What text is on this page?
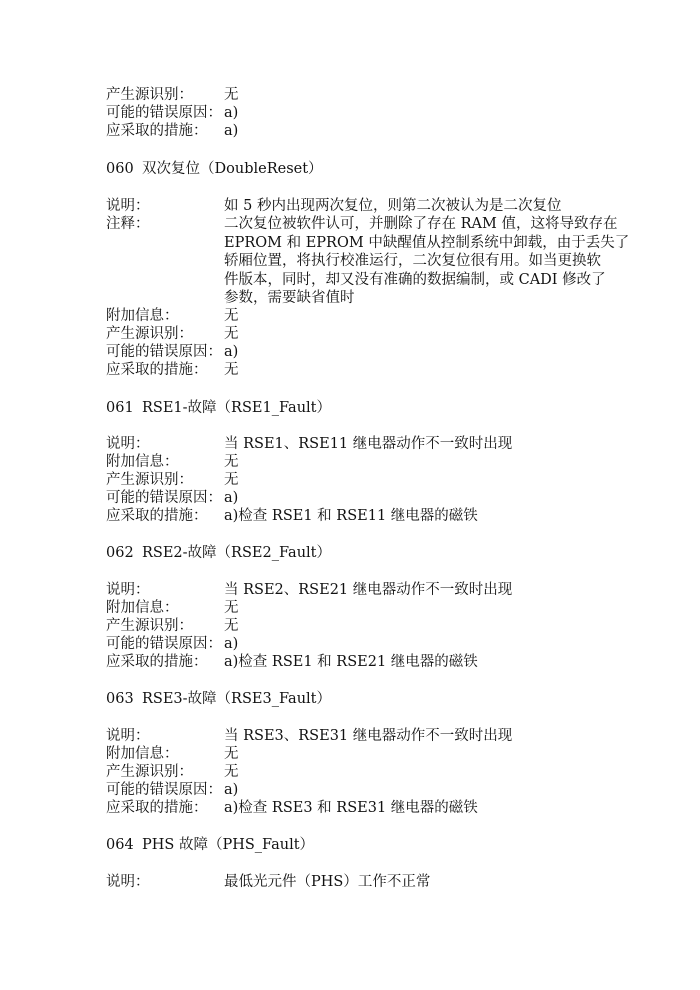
产生源识别： 无
可能的错误原因： a)
应采取的措施： a)
060 双次复位（DoubleReset）
说明：	如 5 秒内出现两次复位，则第二次被认为是二次复位
注释：	二次复位被软件认可，并删除了存在 RAM 值，这将导致存在
EPROM 和 EPROM 中缺醒值从控制系统中卸载，由于丢失了
轿厢位置，将执行校准运行，二次复位很有用。如当更换软
件版本，同时，却又没有准确的数据编制，或 CADI 修改了
参数，需要缺省值时
附加信息：	无
产生源识别： 无
可能的错误原因： a)
应采取的措施： 无
061 RSE1-故障（RSE1_Fault）
说明：	当 RSE1、RSE11 继电器动作不一致时出现
附加信息：	无
产生源识别： 无
可能的错误原因： a)
应采取的措施： a)检查 RSE1 和 RSE11 继电器的磁铁
062 RSE2-故障（RSE2_Fault）
说明：	当 RSE2、RSE21 继电器动作不一致时出现
附加信息：	无
产生源识别： 无
可能的错误原因： a)
应采取的措施： a)检查 RSE1 和 RSE21 继电器的磁铁
063 RSE3-故障（RSE3_Fault）
说明：	当 RSE3、RSE31 继电器动作不一致时出现
附加信息：	无
产生源识别： 无
可能的错误原因： a)
应采取的措施： a)检查 RSE3 和 RSE31 继电器的磁铁
064 PHS 故障（PHS_Fault）
说明：	最低光元件（PHS）工作不正常
